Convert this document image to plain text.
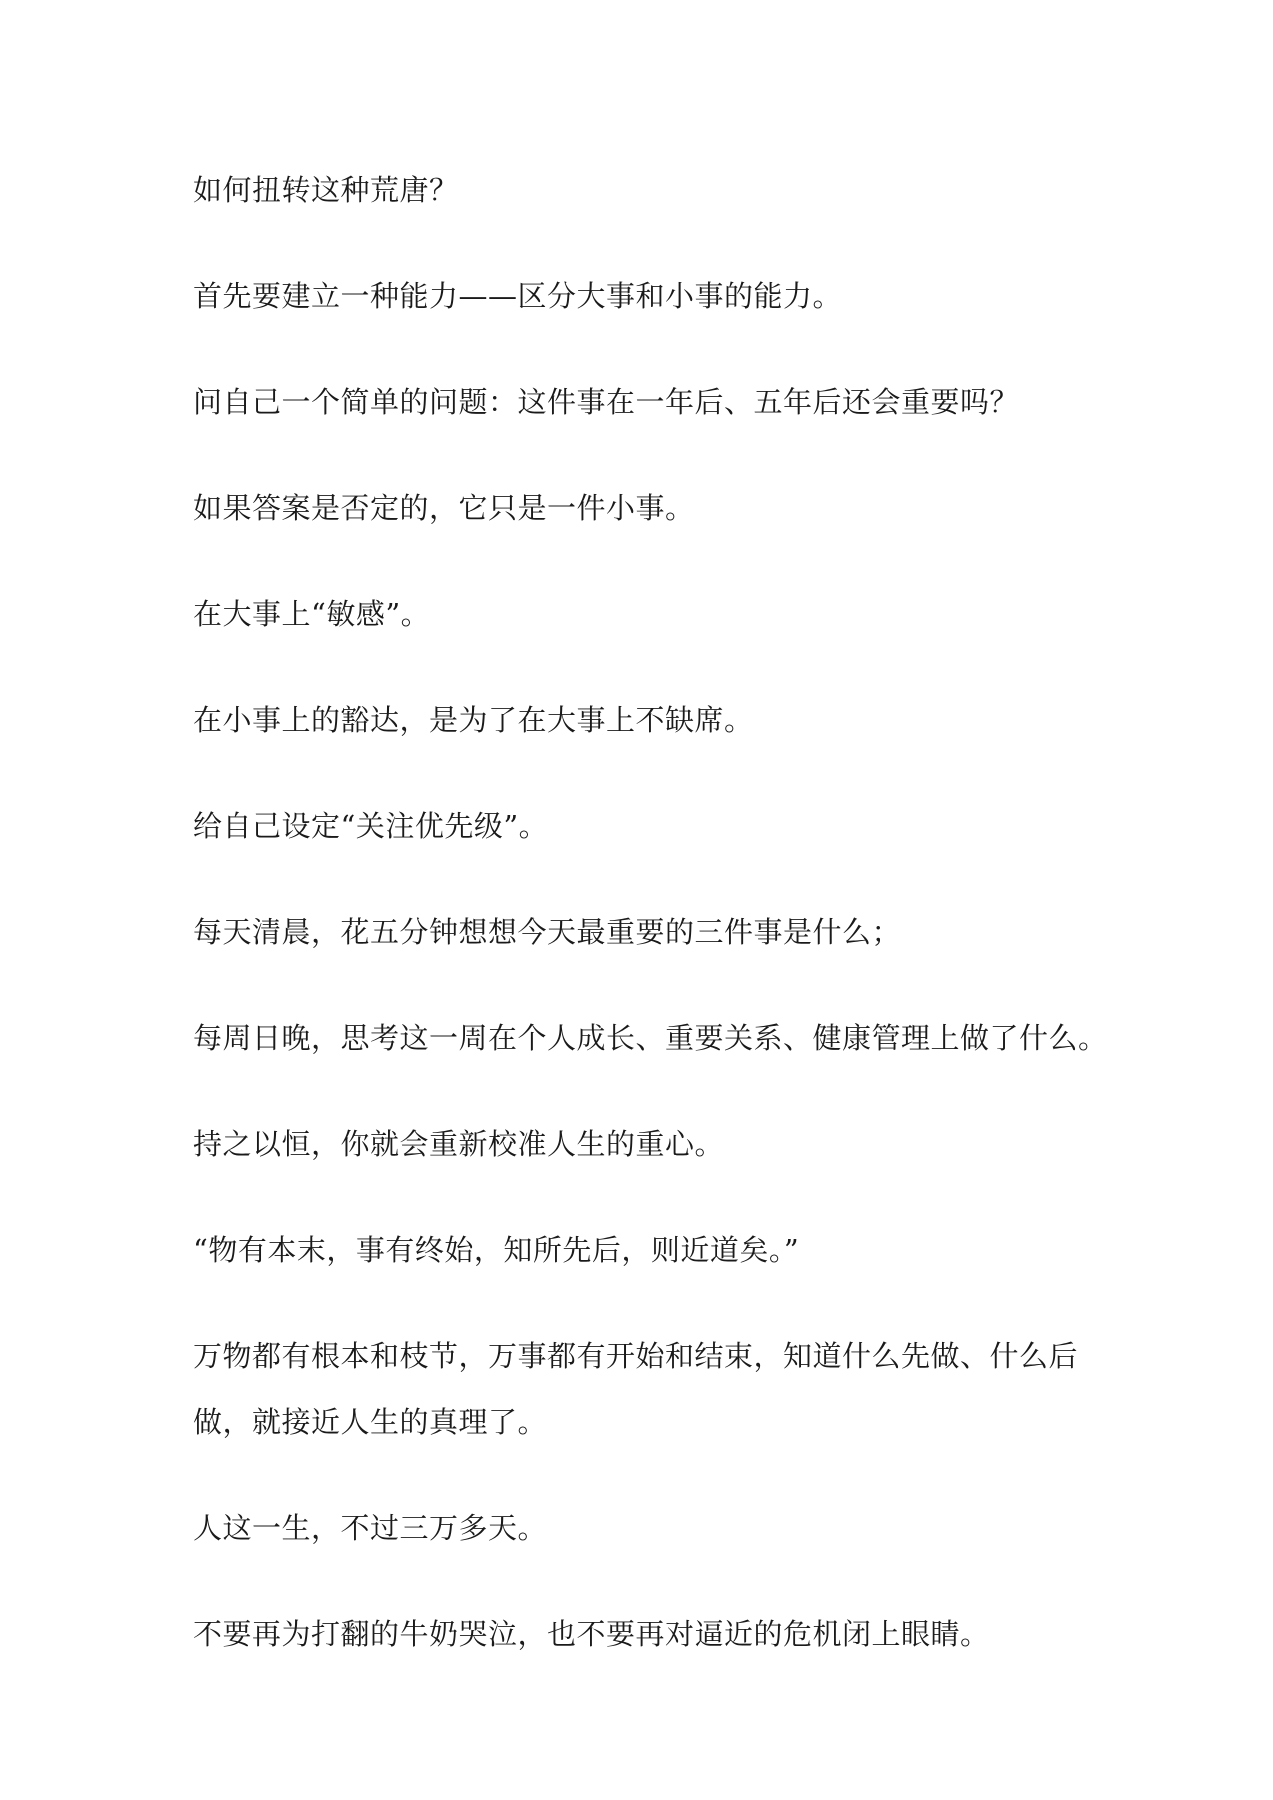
如何扭转这种荒唐？

首先要建立一种能力——区分大事和小事的能力。

问自己一个简单的问题：这件事在一年后、五年后还会重要吗？

如果答案是否定的，它只是一件小事。

在大事上“敏感”。

在小事上的豁达，是为了在大事上不缺席。

给自己设定“关注优先级”。

每天清晨，花五分钟想想今天最重要的三件事是什么；

每周日晚，思考这一周在个人成长、重要关系、健康管理上做了什么。

持之以恒，你就会重新校准人生的重心。

“物有本末，事有终始，知所先后，则近道矣。”

万物都有根本和枝节，万事都有开始和结束，知道什么先做、什么后

做，就接近人生的真理了。

人这一生，不过三万多天。

不要再为打翻的牛奶哭泣，也不要再对逼近的危机闭上眼睛。
